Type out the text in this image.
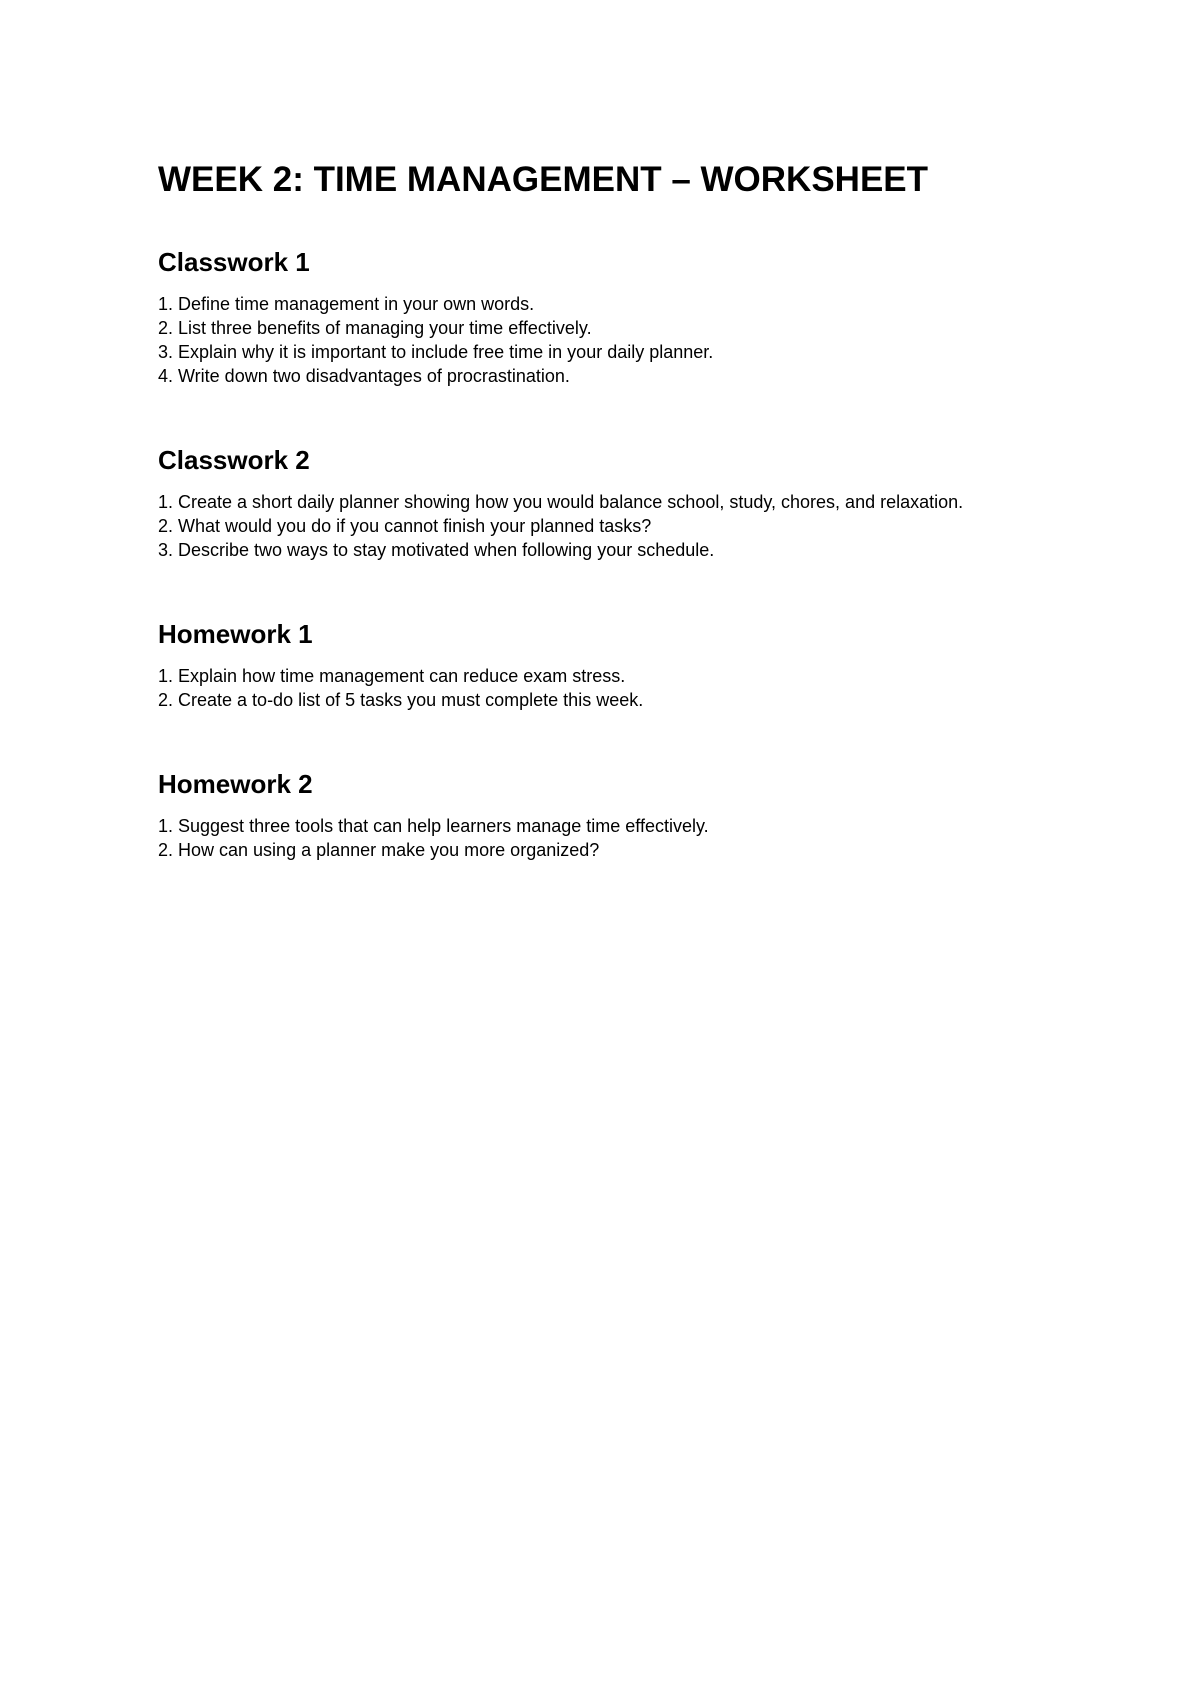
WEEK 2: TIME MANAGEMENT – WORKSHEET
Classwork 1

1. Define time management in your own words.

2. List three benefits of managing your time effectively.

3. Explain why it is important to include free time in your daily planner.

4. Write down two disadvantages of procrastination.

Classwork 2

1. Create a short daily planner showing how you would balance school, study, chores, and relaxation.

2. What would you do if you cannot finish your planned tasks?

3. Describe two ways to stay motivated when following your schedule.

Homework 1

1. Explain how time management can reduce exam stress.

2. Create a to-do list of 5 tasks you must complete this week.

Homework 2

1. Suggest three tools that can help learners manage time effectively.

2. How can using a planner make you more organized?
